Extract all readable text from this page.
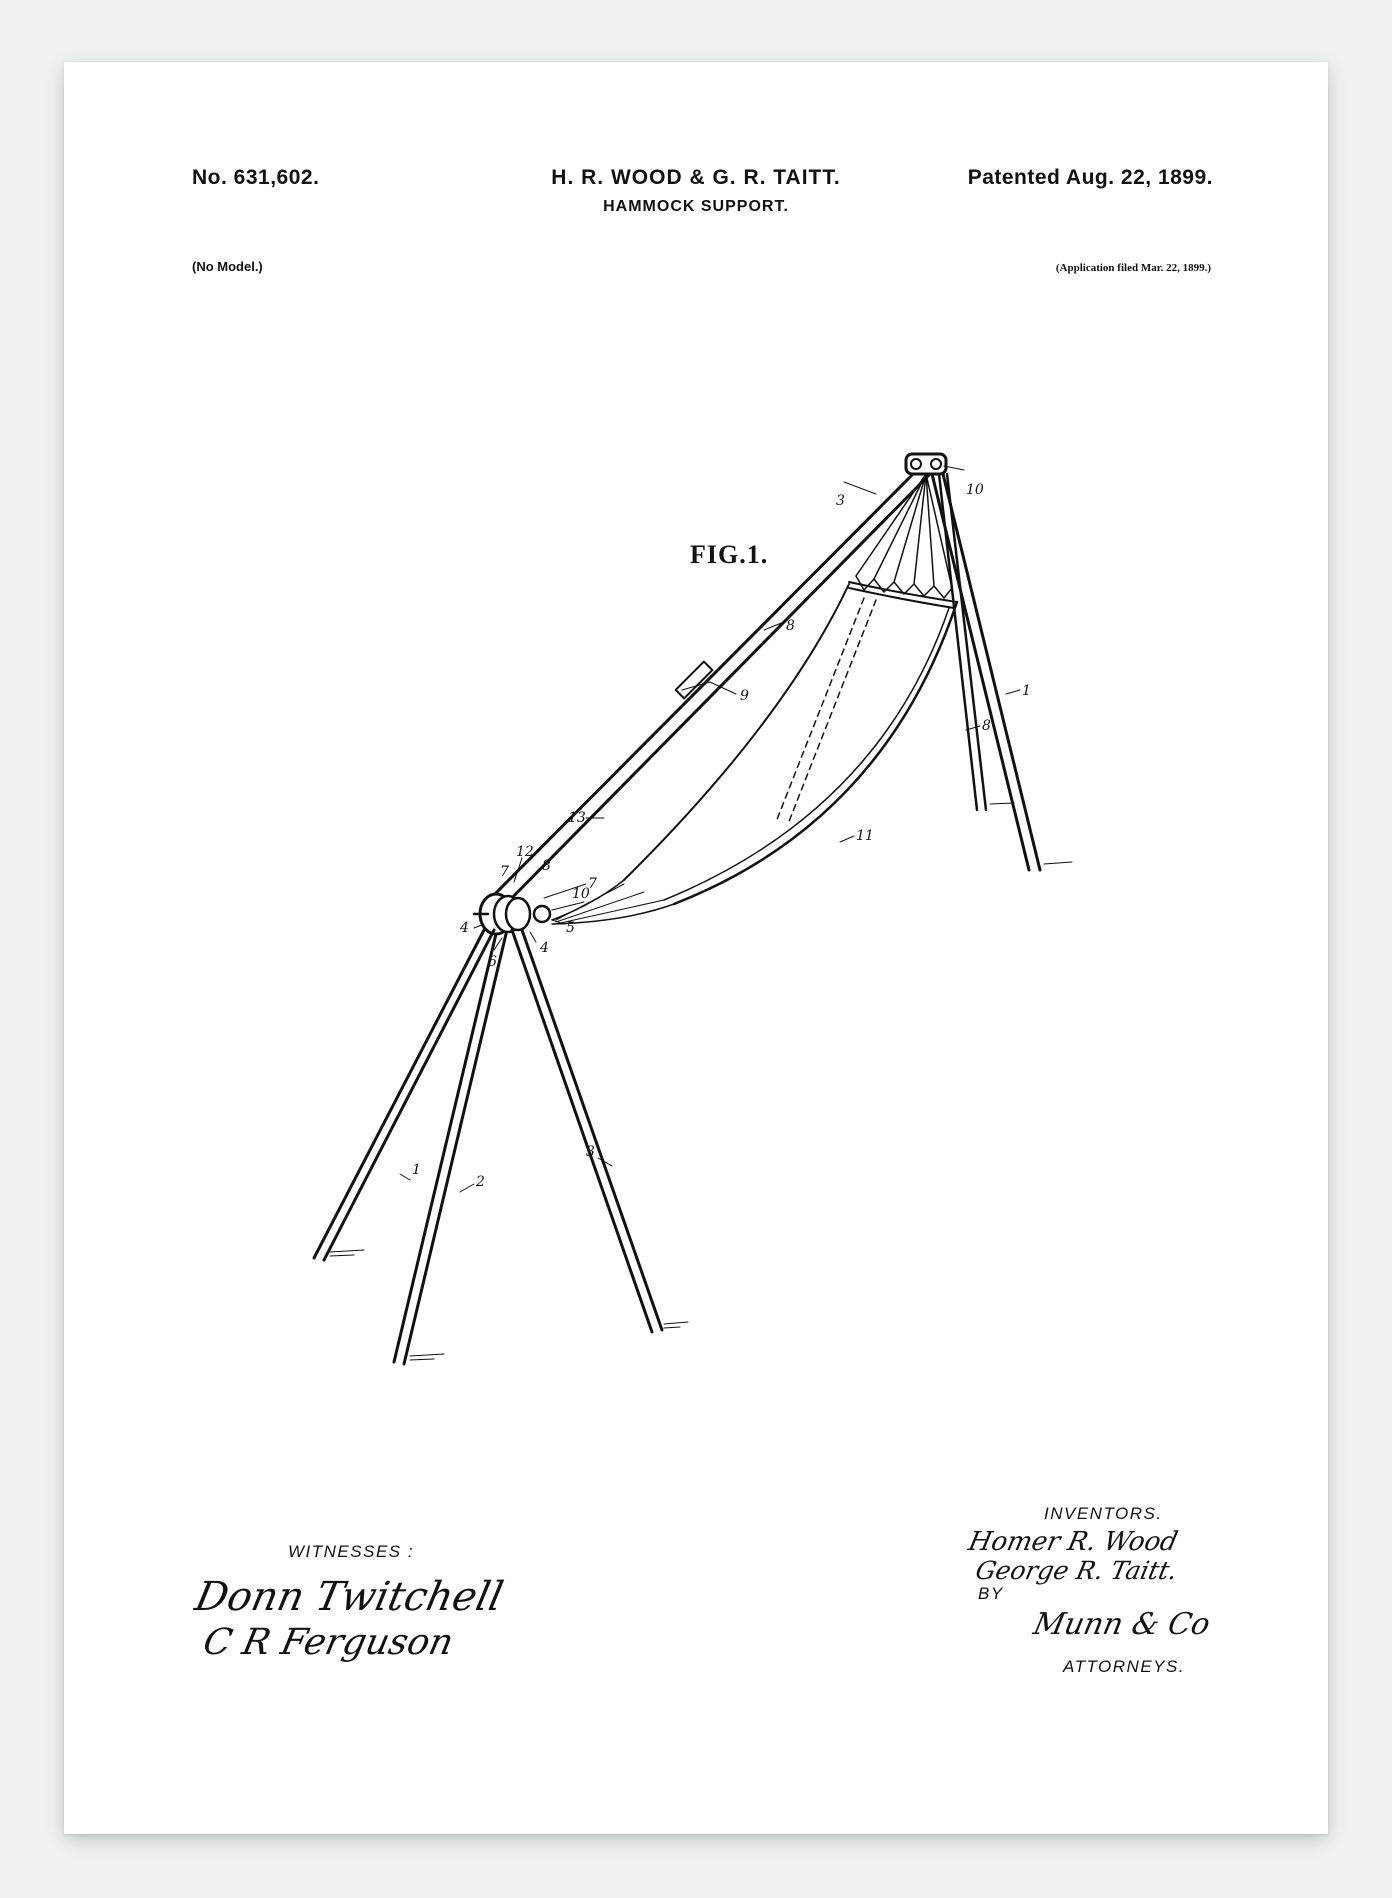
No. 631,602.	H. R. WOOD & G. R. TAITT.	Patented Aug. 22, 1899.
HAMMOCK SUPPORT.
(No Model.)	(Application filed Mar. 22, 1899.)
10
3
8
9	1
8
11
13
12
8
7
7
10
4	5
4
6
1
2
3
FIG.1.
WITNESSES :
Donn Twitchell
C R Ferguson
INVENTORS.
Homer R. Wood
George R. Taitt.
BY
Munn & Co
ATTORNEYS.
